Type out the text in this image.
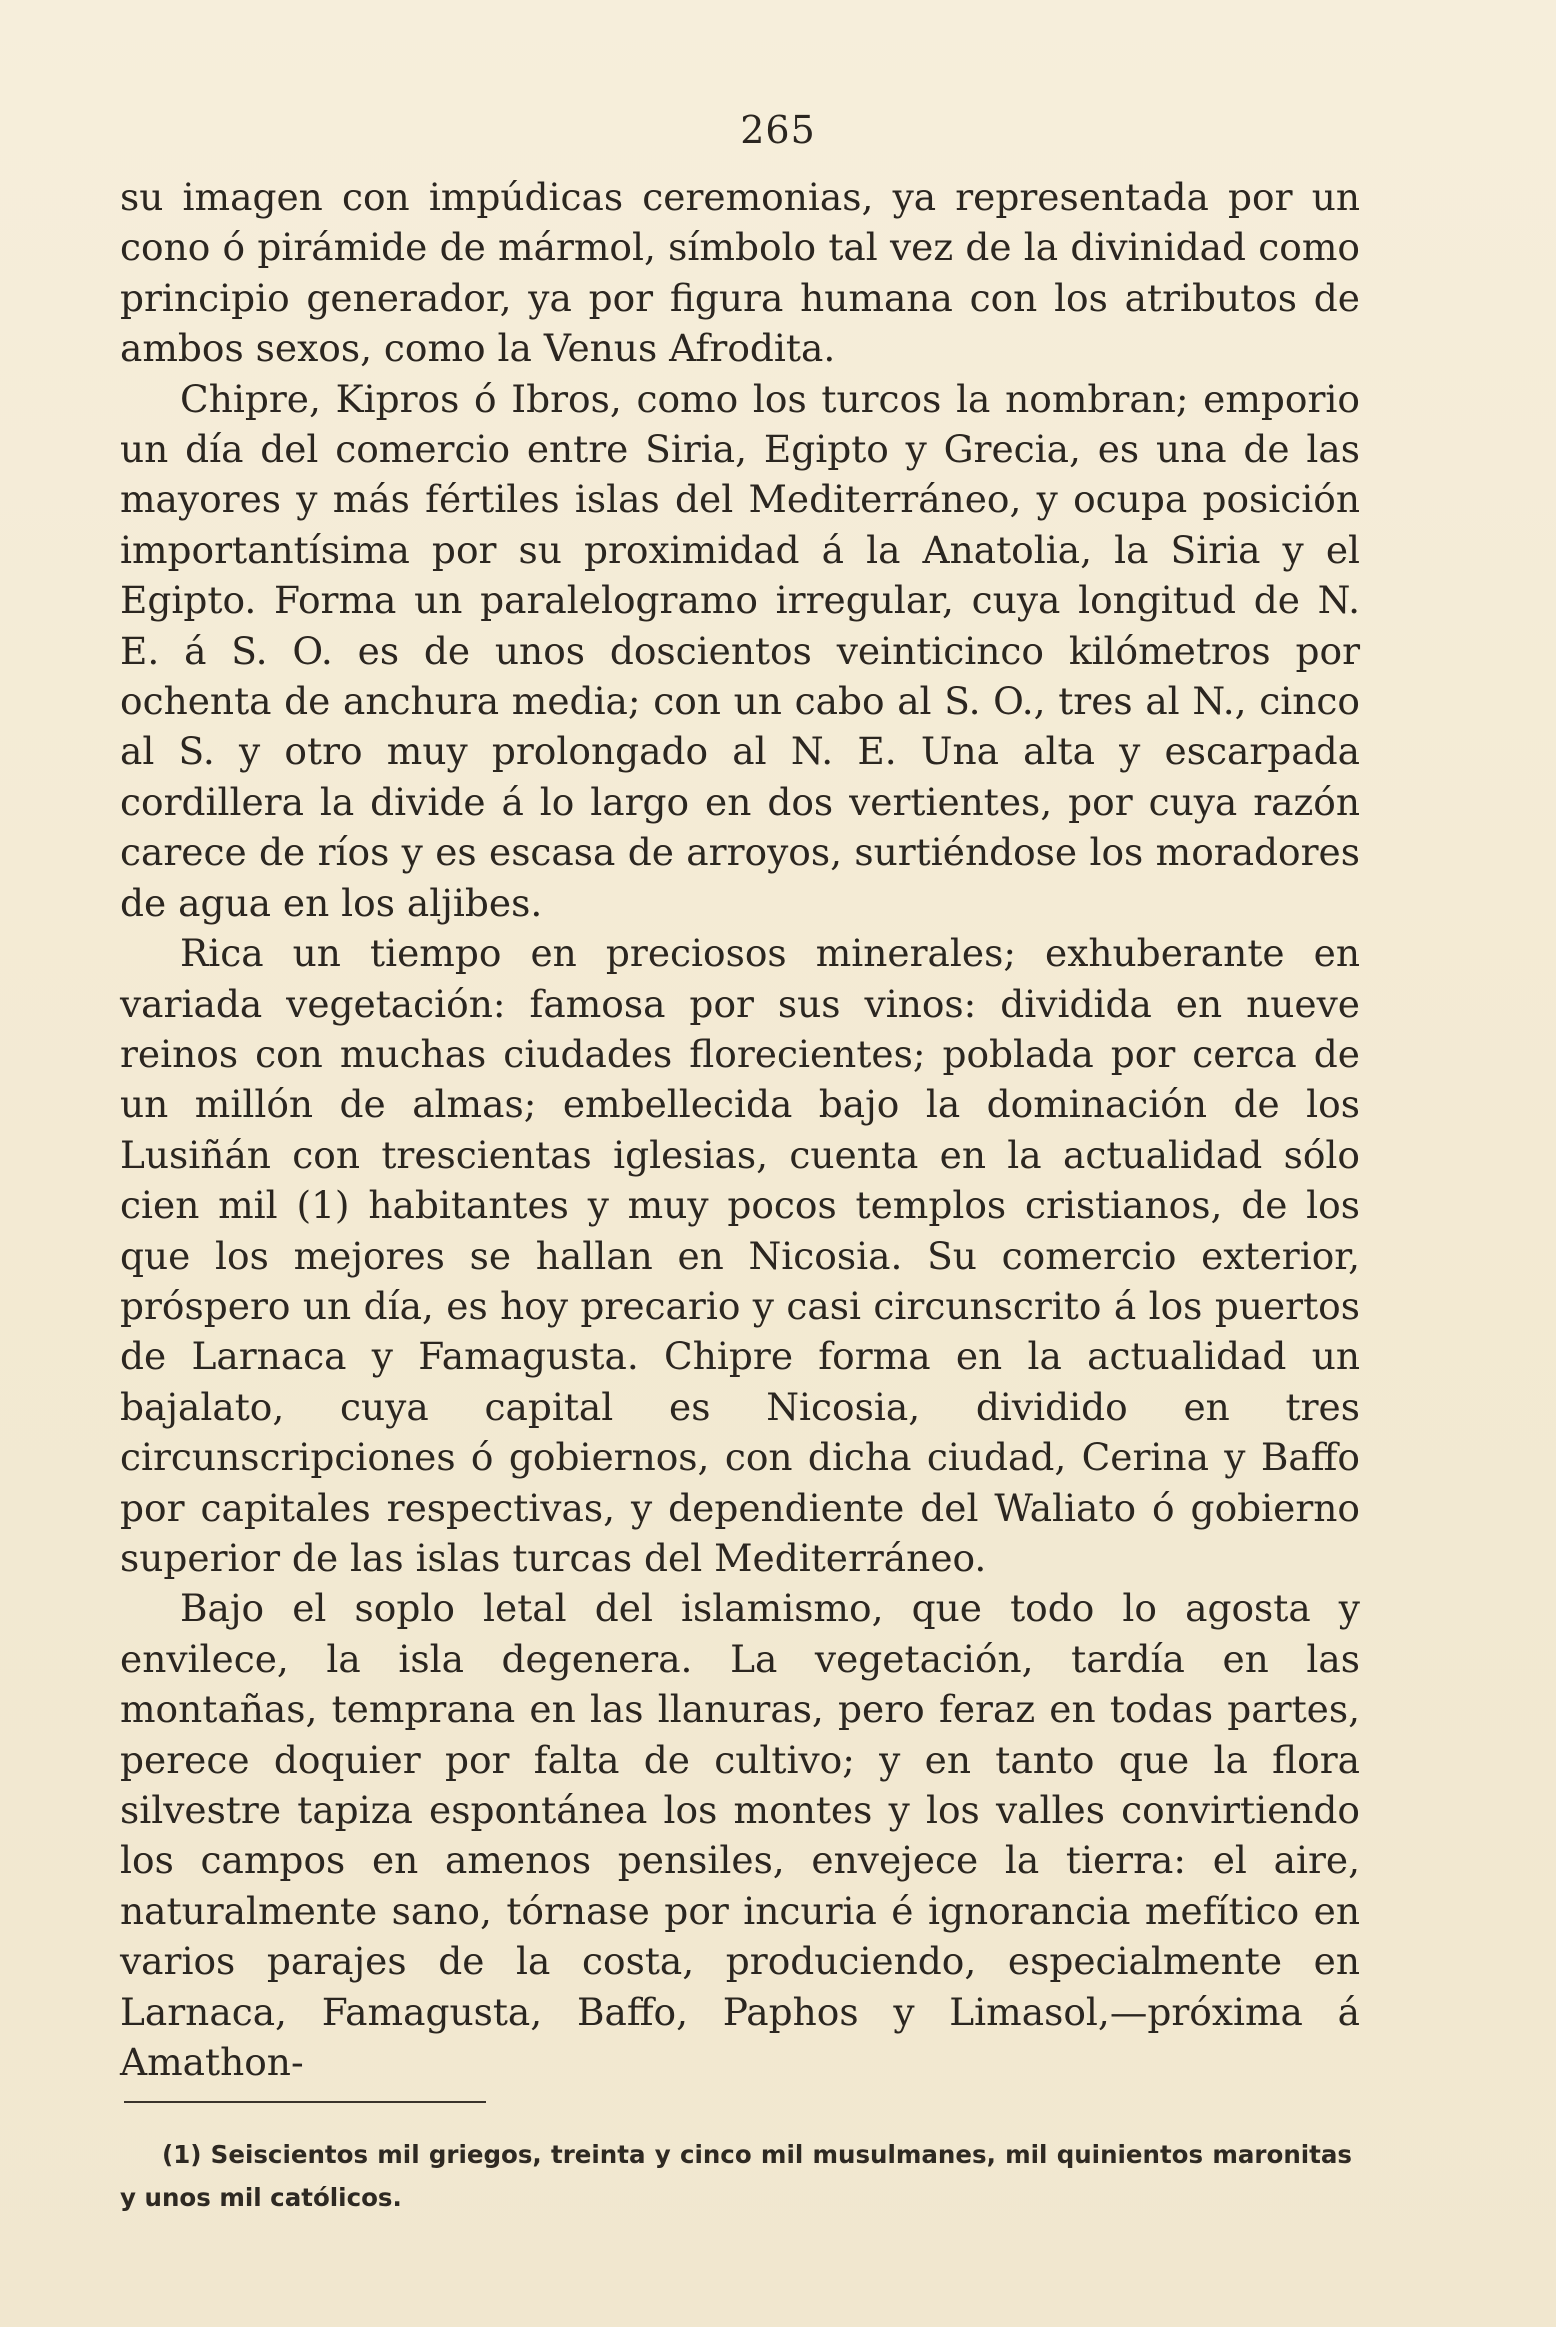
265

su imagen con impúdicas ceremonias, ya representada por un cono ó pirámide de mármol, símbolo tal vez de la divinidad como principio generador, ya por figura humana con los atributos de ambos sexos, como la Venus Afrodita.

Chipre, Kipros ó Ibros, como los turcos la nombran; emporio un día del comercio entre Siria, Egipto y Grecia, es una de las mayores y más fértiles islas del Mediterráneo, y ocupa posición importantísima por su proximidad á la Anatolia, la Siria y el Egipto. Forma un paralelogramo irregular, cuya longitud de N. E. á S. O. es de unos doscientos veinticinco kilómetros por ochenta de anchura media; con un cabo al S. O., tres al N., cinco al S. y otro muy prolongado al N. E. Una alta y escarpada cordillera la divide á lo largo en dos vertientes, por cuya razón carece de ríos y es escasa de arroyos, surtiéndose los moradores de agua en los aljibes.

Rica un tiempo en preciosos minerales; exhuberante en variada vegetación: famosa por sus vinos: dividida en nueve reinos con muchas ciudades florecientes; poblada por cerca de un millón de almas; embellecida bajo la dominación de los Lusiñán con trescientas iglesias, cuenta en la actualidad sólo cien mil (1) habitantes y muy pocos templos cristianos, de los que los mejores se hallan en Nicosia. Su comercio exterior, próspero un día, es hoy precario y casi circunscrito á los puertos de Larnaca y Famagusta. Chipre forma en la actualidad un bajalato, cuya capital es Nicosia, dividido en tres circunscripciones ó gobiernos, con dicha ciudad, Cerina y Baffo por capitales respectivas, y dependiente del Waliato ó gobierno superior de las islas turcas del Mediterráneo.

Bajo el soplo letal del islamismo, que todo lo agosta y envilece, la isla degenera. La vegetación, tardía en las montañas, temprana en las llanuras, pero feraz en todas partes, perece doquier por falta de cultivo; y en tanto que la flora silvestre tapiza espontánea los montes y los valles convirtiendo los campos en amenos pensiles, envejece la tierra: el aire, naturalmente sano, tórnase por incuria é ignorancia mefítico en varios parajes de la costa, produciendo, especialmente en Larnaca, Famagusta, Baffo, Paphos y Limasol,—próxima á Amathon-

(1) Seiscientos mil griegos, treinta y cinco mil musulmanes, mil quinientos maronitas y unos mil católicos.
